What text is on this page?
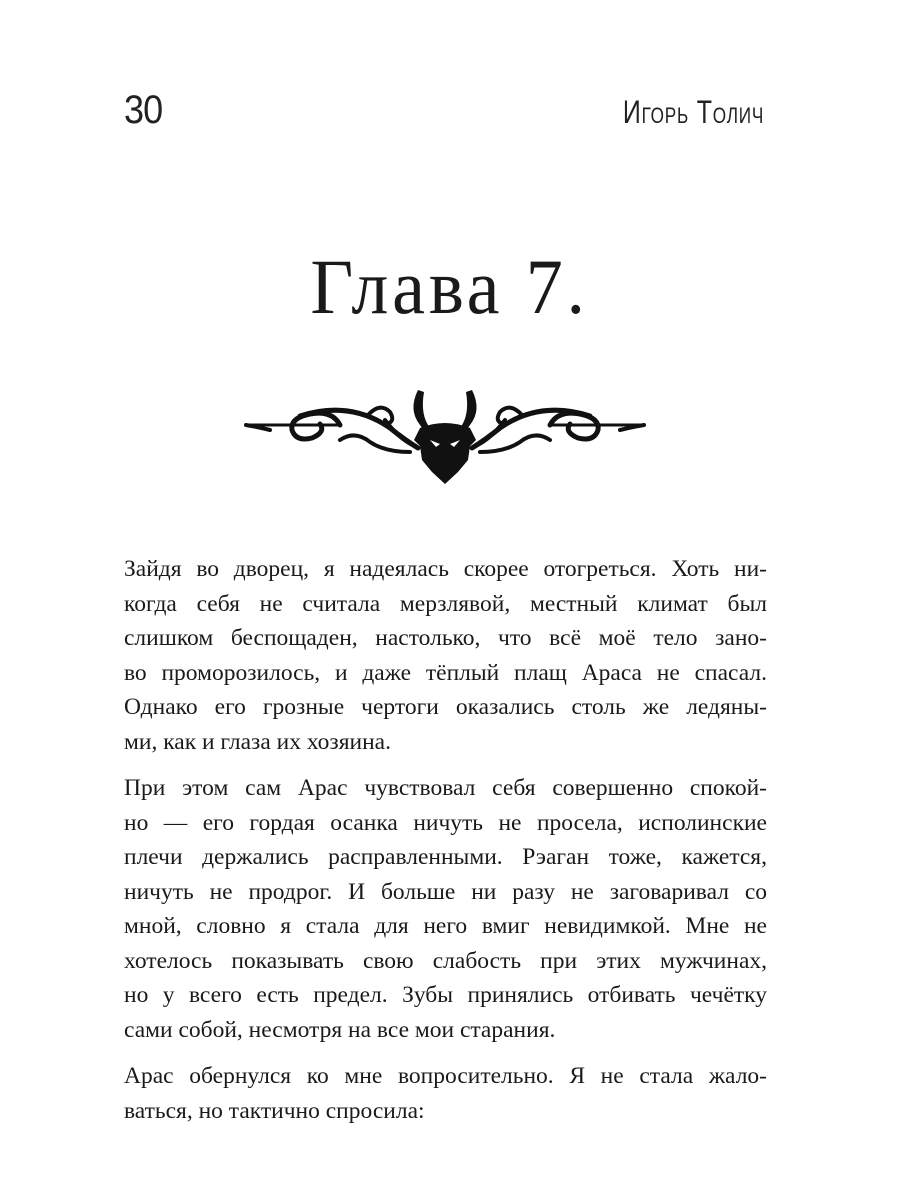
30	Игорь Толич
Глава 7.

Зайдя во дворец, я надеялась скорее отогреться. Хоть ни-
когда себя не считала мерзлявой, местный климат был
слишком беспощаден, настолько, что всё моё тело зано-
во проморозилось, и даже тёплый плащ Араса не спасал.
Однако его грозные чертоги оказались столь же ледяны-
ми, как и глаза их хозяина.

При этом сам Арас чувствовал себя совершенно спокой-
но — его гордая осанка ничуть не просела, исполинские
плечи держались расправленными. Рэаган тоже, кажется,
ничуть не продрог. И больше ни разу не заговаривал со
мной, словно я стала для него вмиг невидимкой. Мне не
хотелось показывать свою слабость при этих мужчинах,
но у всего есть предел. Зубы принялись отбивать чечётку
сами собой, несмотря на все мои старания.

Арас обернулся ко мне вопросительно. Я не стала жало-
ваться, но тактично спросила:
